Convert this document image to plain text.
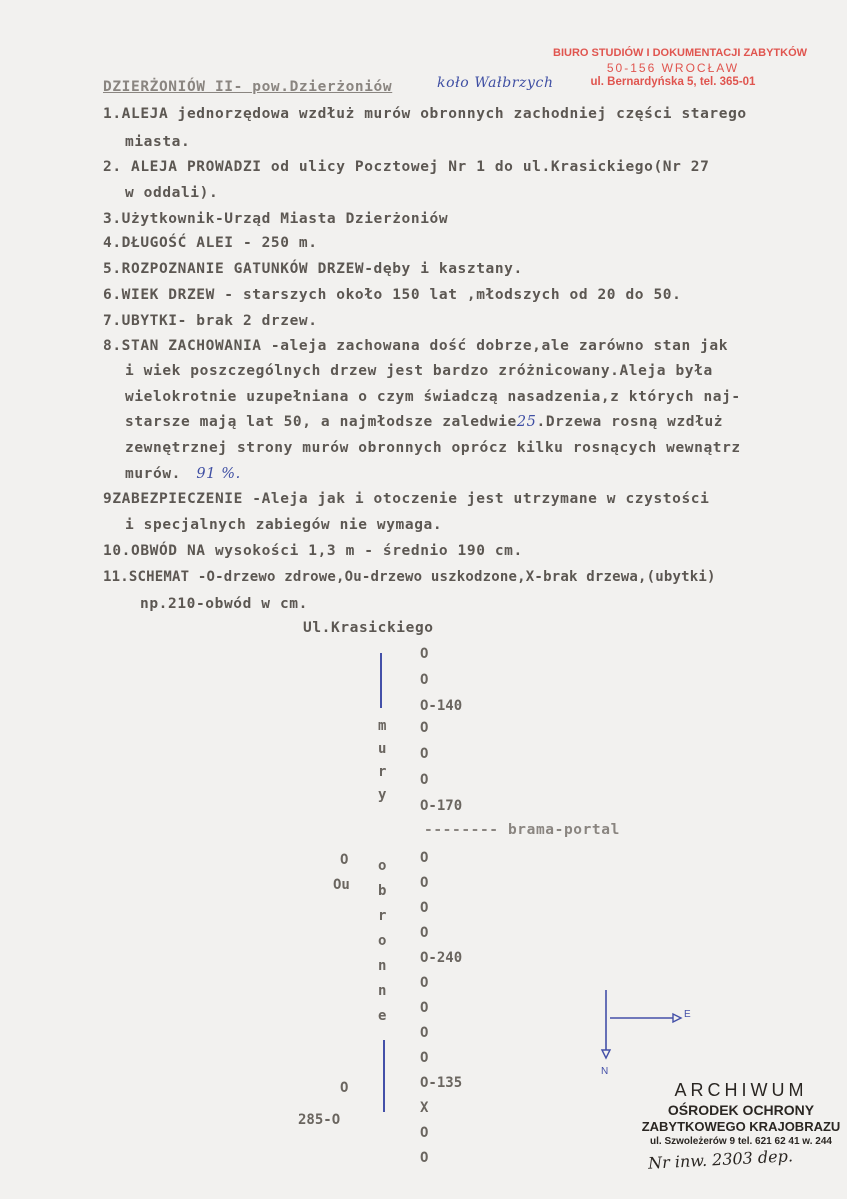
BIURO STUDIÓW I DOKUMENTACJI ZABYTKÓW
50-156 WROCŁAW
ul. Bernardyńska 5, tel. 365-01
DZIERŻONIÓW II- pow.Dzierżoniów	koło Wałbrzych
1.ALEJA jednorzędowa wzdłuż murów obronnych zachodniej części starego
miasta.
2. ALEJA PROWADZI od ulicy Pocztowej Nr 1 do ul.Krasickiego(Nr 27
w oddali).
3.Użytkownik-Urząd Miasta Dzierżoniów
4.DŁUGOŚĆ ALEI - 250 m.
5.ROZPOZNANIE GATUNKÓW DRZEW-dęby i kasztany.
6.WIEK DRZEW - starszych około 150 lat ,młodszych od 20 do 50.
7.UBYTKI- brak 2 drzew.
8.STAN ZACHOWANIA -aleja zachowana dość dobrze,ale zarówno stan jak
i wiek poszczególnych drzew jest bardzo zróżnicowany.Aleja była
wielokrotnie uzupełniana o czym świadczą nasadzenia,z których naj-
starsze mają lat 50, a najmłodsze zaledwie25.Drzewa rosną wzdłuż
zewnętrznej strony murów obronnych oprócz kilku rosnących wewnątrz
murów. 91 %.
9ZABEZPIECZENIE -Aleja jak i otoczenie jest utrzymane w czystości
i specjalnych zabiegów nie wymaga.
10.OBWÓD NA wysokości 1,3 m - średnio 190 cm.
11.SCHEMAT -O-drzewo zdrowe,Ou-drzewo uszkodzone,X-brak drzewa,(ubytki)
np.210-obwód w cm.
Ul.Krasickiego
O
O
O-140
O
O
O
O-170
-------- brama-portal
O
O
O
O
O-240
O
O
O
O
O-135
X
O
O
m
u
r
y
o
b
r
o
n
n
e
O
Ou
O
285-O
E
N
ARCHIWUM
OŚRODEK OCHRONY
ZABYTKOWEGO KRAJOBRAZU
ul. Szwoleżerów 9 tel. 621 62 41 w. 244
Nr inw. 2303 dep.
